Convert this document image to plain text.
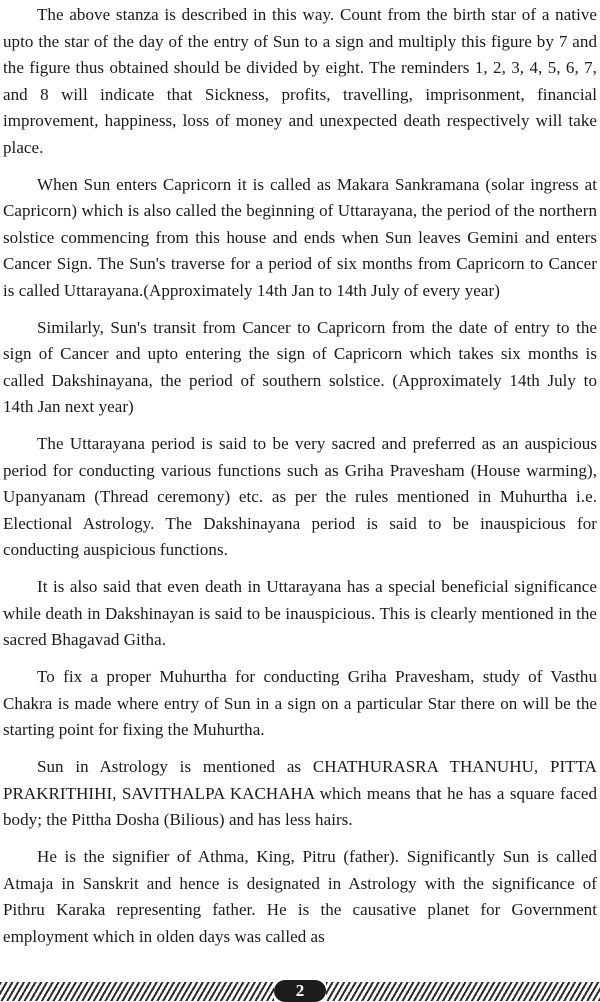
The above stanza is described in this way. Count from the birth star of a native upto the star of the day of the entry of Sun to a sign and multiply this figure by 7 and the figure thus obtained should be divided by eight. The reminders 1, 2, 3, 4, 5, 6, 7, and 8 will indicate that Sickness, profits, travelling, imprisonment, financial improvement, happiness, loss of money and unexpected death respectively will take place.

When Sun enters Capricorn it is called as Makara Sankramana (solar ingress at Capricorn) which is also called the beginning of Uttarayana, the period of the northern solstice commencing from this house and ends when Sun leaves Gemini and enters Cancer Sign. The Sun's traverse for a period of six months from Capricorn to Cancer is called Uttarayana.(Approximately 14th Jan to 14th July of every year)

Similarly, Sun's transit from Cancer to Capricorn from the date of entry to the sign of Cancer and upto entering the sign of Capricorn which takes six months is called Dakshinayana, the period of southern solstice. (Approximately 14th July to 14th Jan next year)

The Uttarayana period is said to be very sacred and preferred as an auspicious period for conducting various functions such as Griha Pravesham (House warming), Upanyanam (Thread ceremony) etc. as per the rules mentioned in Muhurtha i.e. Electional Astrology. The Dakshinayana period is said to be inauspicious for conducting auspicious functions.

It is also said that even death in Uttarayana has a special beneficial significance while death in Dakshinayan is said to be inauspicious. This is clearly mentioned in the sacred Bhagavad Githa.

To fix a proper Muhurtha for conducting Griha Pravesham, study of Vasthu Chakra is made where entry of Sun in a sign on a particular Star there on will be the starting point for fixing the Muhurtha.

Sun in Astrology is mentioned as CHATHURASRA THANUHU, PITTA PRAKRITHIHI, SAVITHALPA KACHAHA which means that he has a square faced body; the Pittha Dosha (Bilious) and has less hairs.

He is the signifier of Athma, King, Pitru (father). Significantly Sun is called Atmaja in Sanskrit and hence is designated in Astrology with the significance of Pithru Karaka representing father. He is the causative planet for Government employment which in olden days was called as

2
